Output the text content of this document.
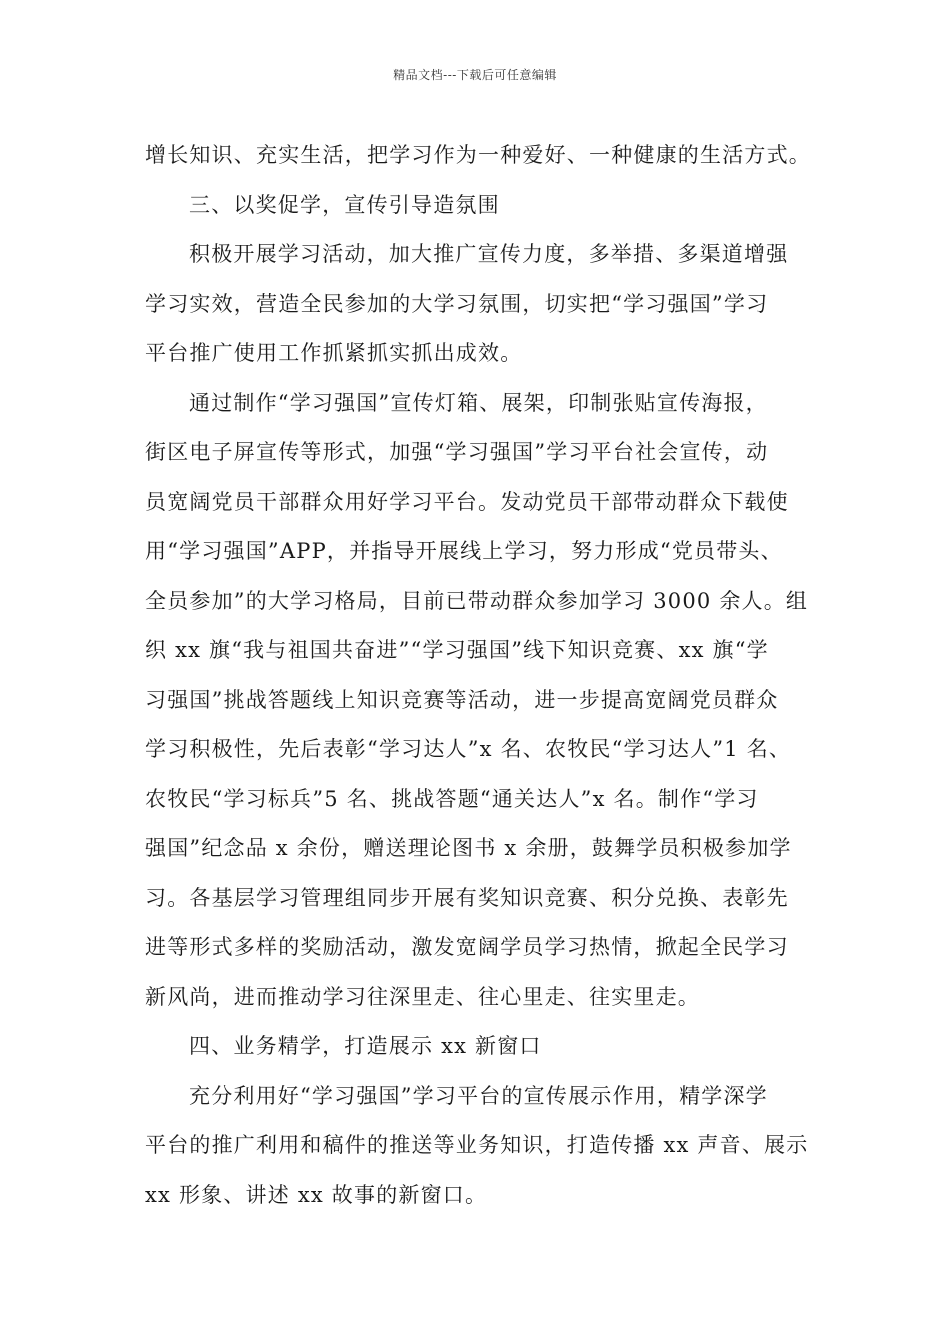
精品文档---下载后可任意编辑
增长知识、充实生活，把学习作为一种爱好、一种健康的生活方式。
三、以奖促学，宣传引导造氛围
积极开展学习活动，加大推广宣传力度，多举措、多渠道增强
学习实效，营造全民参加的大学习氛围，切实把“学习强国”学习
平台推广使用工作抓紧抓实抓出成效。
通过制作“学习强国”宣传灯箱、展架，印制张贴宣传海报，
街区电子屏宣传等形式，加强“学习强国”学习平台社会宣传，动
员宽阔党员干部群众用好学习平台。发动党员干部带动群众下载使
用“学习强国”APP，并指导开展线上学习，努力形成“党员带头、
全员参加”的大学习格局，目前已带动群众参加学习 3000 余人。组
织 xx 旗“我与祖国共奋进”“学习强国”线下知识竞赛、xx 旗“学
习强国”挑战答题线上知识竞赛等活动，进一步提高宽阔党员群众
学习积极性，先后表彰“学习达人”x 名、农牧民“学习达人”1 名、
农牧民“学习标兵”5 名、挑战答题“通关达人”x 名。制作“学习
强国”纪念品 x 余份，赠送理论图书 x 余册，鼓舞学员积极参加学
习。各基层学习管理组同步开展有奖知识竞赛、积分兑换、表彰先
进等形式多样的奖励活动，激发宽阔学员学习热情，掀起全民学习
新风尚，进而推动学习往深里走、往心里走、往实里走。
四、业务精学，打造展示 xx 新窗口
充分利用好“学习强国”学习平台的宣传展示作用，精学深学
平台的推广利用和稿件的推送等业务知识，打造传播 xx 声音、展示
xx 形象、讲述 xx 故事的新窗口。
